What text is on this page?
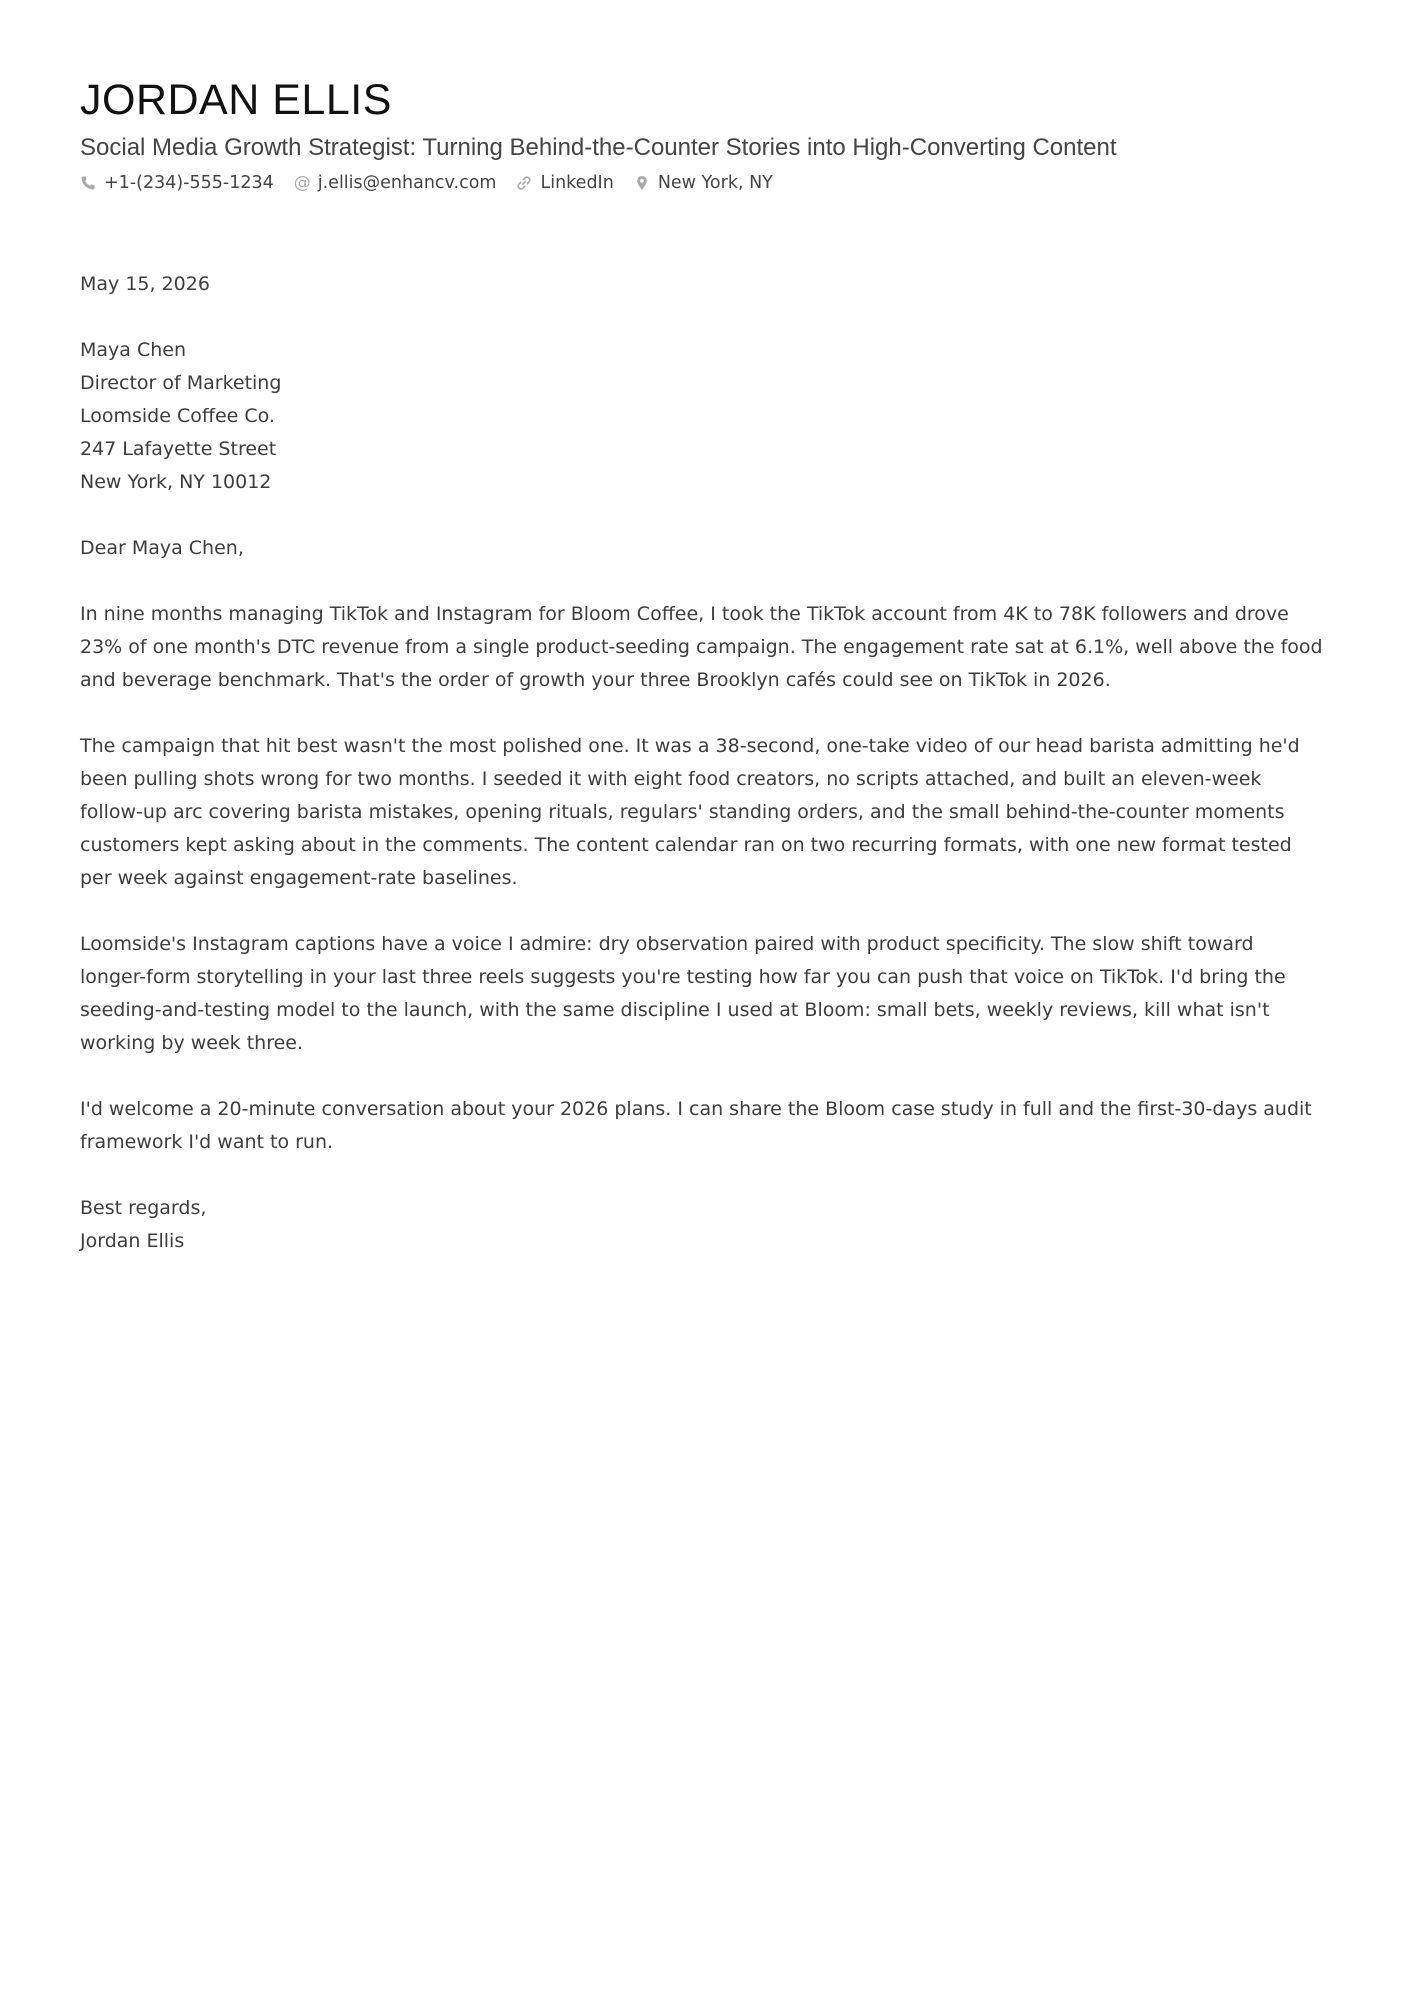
JORDAN ELLIS
Social Media Growth Strategist: Turning Behind-the-Counter Stories into High-Converting Content
+1-(234)-555-1234 @ j.ellis@enhancv.com	LinkedIn	New York, NY

May 15, 2026

Maya Chen
Director of Marketing
Loomside Coffee Co.
247 Lafayette Street
New York, NY 10012
Dear Maya Chen,

In nine months managing TikTok and Instagram for Bloom Coffee, I took the TikTok account from 4K to 78K followers and drove 23% of one month's DTC revenue from a single product-seeding campaign. The engagement rate sat at 6.1%, well above the food and beverage benchmark. That's the order of growth your three Brooklyn cafés could see on TikTok in 2026.

The campaign that hit best wasn't the most polished one. It was a 38-second, one-take video of our head barista admitting he'd been pulling shots wrong for two months. I seeded it with eight food creators, no scripts attached, and built an eleven-week follow-up arc covering barista mistakes, opening rituals, regulars' standing orders, and the small behind-the-counter moments customers kept asking about in the comments. The content calendar ran on two recurring formats, with one new format tested per week against engagement-rate baselines.

Loomside's Instagram captions have a voice I admire: dry observation paired with product specificity. The slow shift toward longer-form storytelling in your last three reels suggests you're testing how far you can push that voice on TikTok. I'd bring the seeding-and-testing model to the launch, with the same discipline I used at Bloom: small bets, weekly reviews, kill what isn't working by week three.

I'd welcome a 20-minute conversation about your 2026 plans. I can share the Bloom case study in full and the first-30-days audit framework I'd want to run.

Best regards,
Jordan Ellis
